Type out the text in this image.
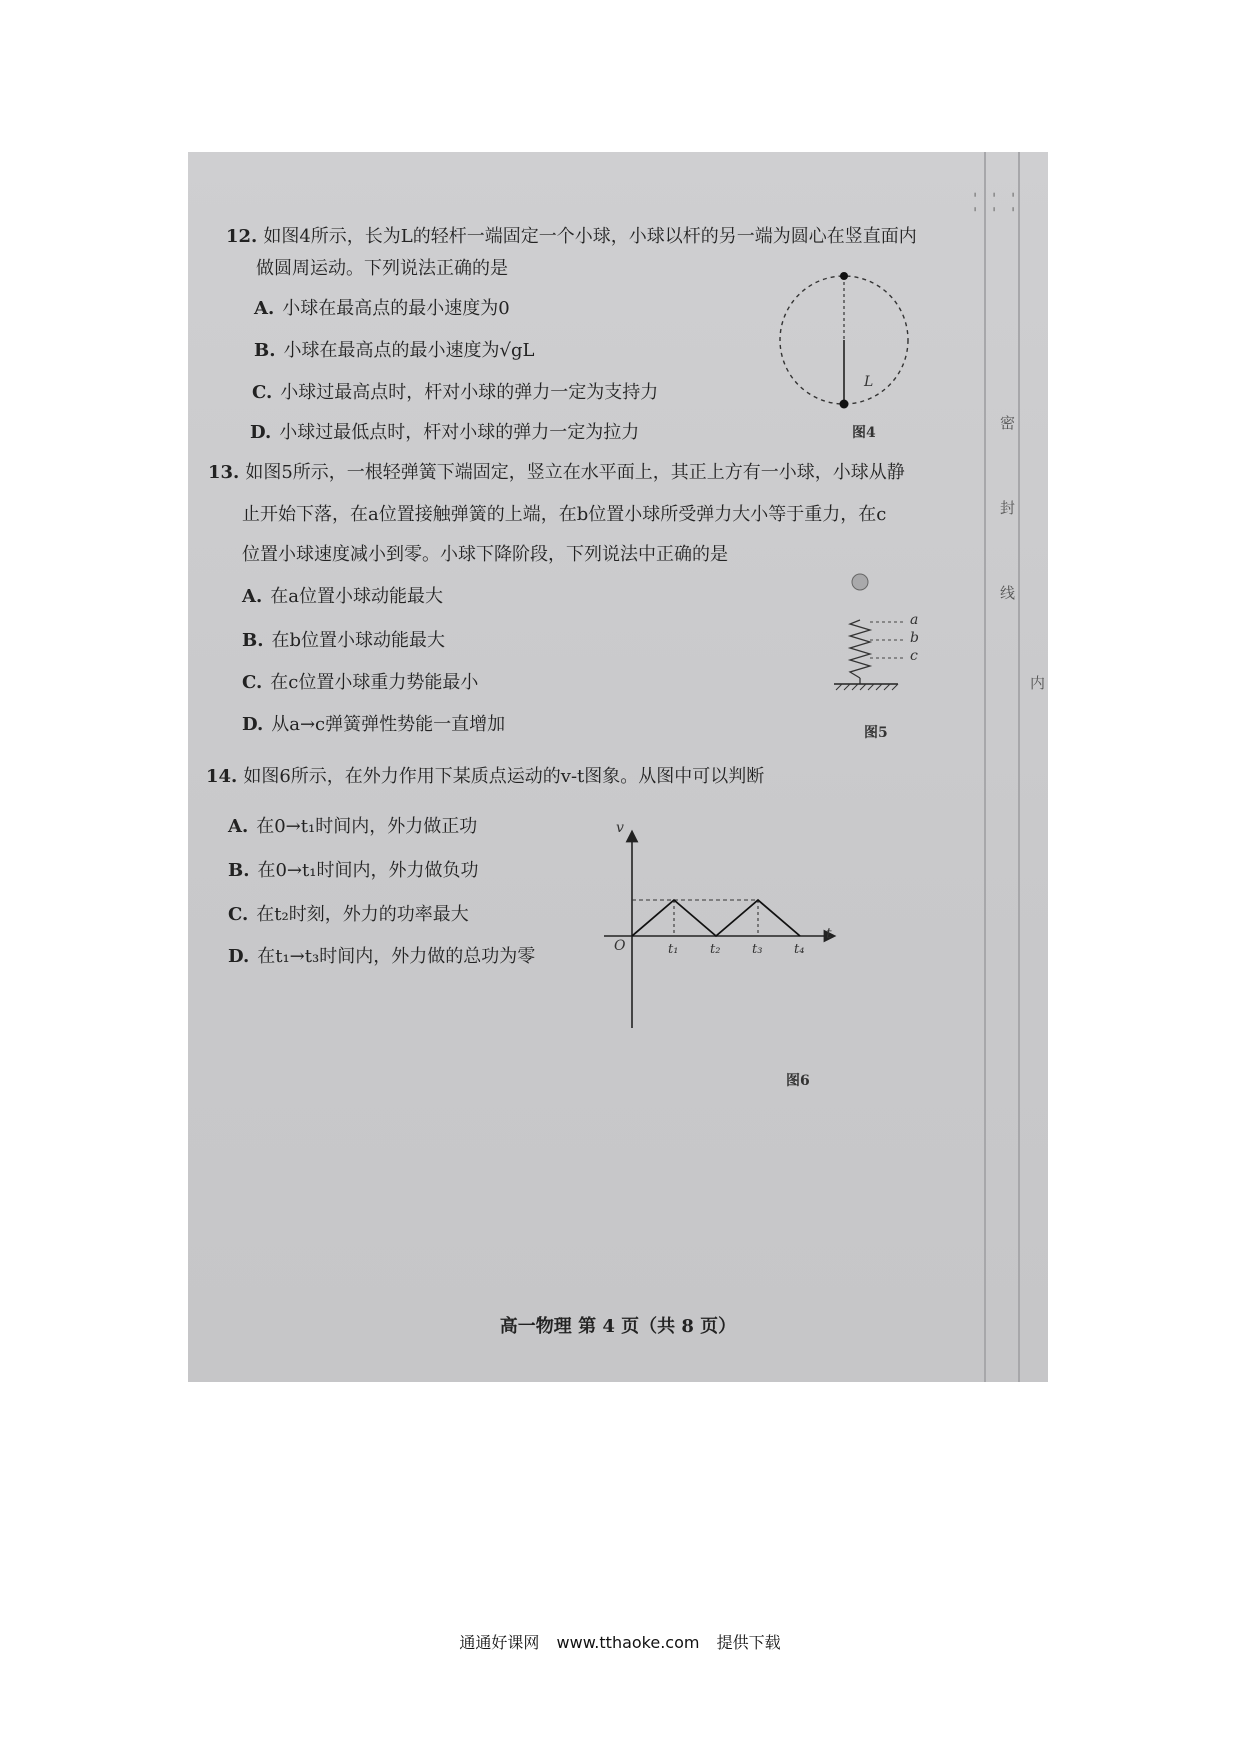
- - - - - -
密
封
线
内
12. 如图4所示，长为L的轻杆一端固定一个小球，小球以杆的另一端为圆心在竖直面内
做圆周运动。下列说法正确的是
A. 小球在最高点的最小速度为0
B. 小球在最高点的最小速度为√gL
C. 小球过最高点时，杆对小球的弹力一定为支持力
D. 小球过最低点时，杆对小球的弹力一定为拉力
L
图4
13. 如图5所示，一根轻弹簧下端固定，竖立在水平面上，其正上方有一小球，小球从静
止开始下落，在a位置接触弹簧的上端，在b位置小球所受弹力大小等于重力，在c
位置小球速度减小到零。小球下降阶段，下列说法中正确的是
A. 在a位置小球动能最大
B. 在b位置小球动能最大
C. 在c位置小球重力势能最小
D. 从a→c弹簧弹性势能一直增加
a
b
c
图5
14. 如图6所示，在外力作用下某质点运动的v-t图象。从图中可以判断
A. 在0→t₁时间内，外力做正功
B. 在0→t₁时间内，外力做负功
C. 在t₂时刻，外力的功率最大
D. 在t₁→t₃时间内，外力做的总功为零
v
t
O	t₁ t₂ t₃ t₄
图6
高一物理 第 4 页（共 8 页）
通通好课网 www.tthaoke.com 提供下载
